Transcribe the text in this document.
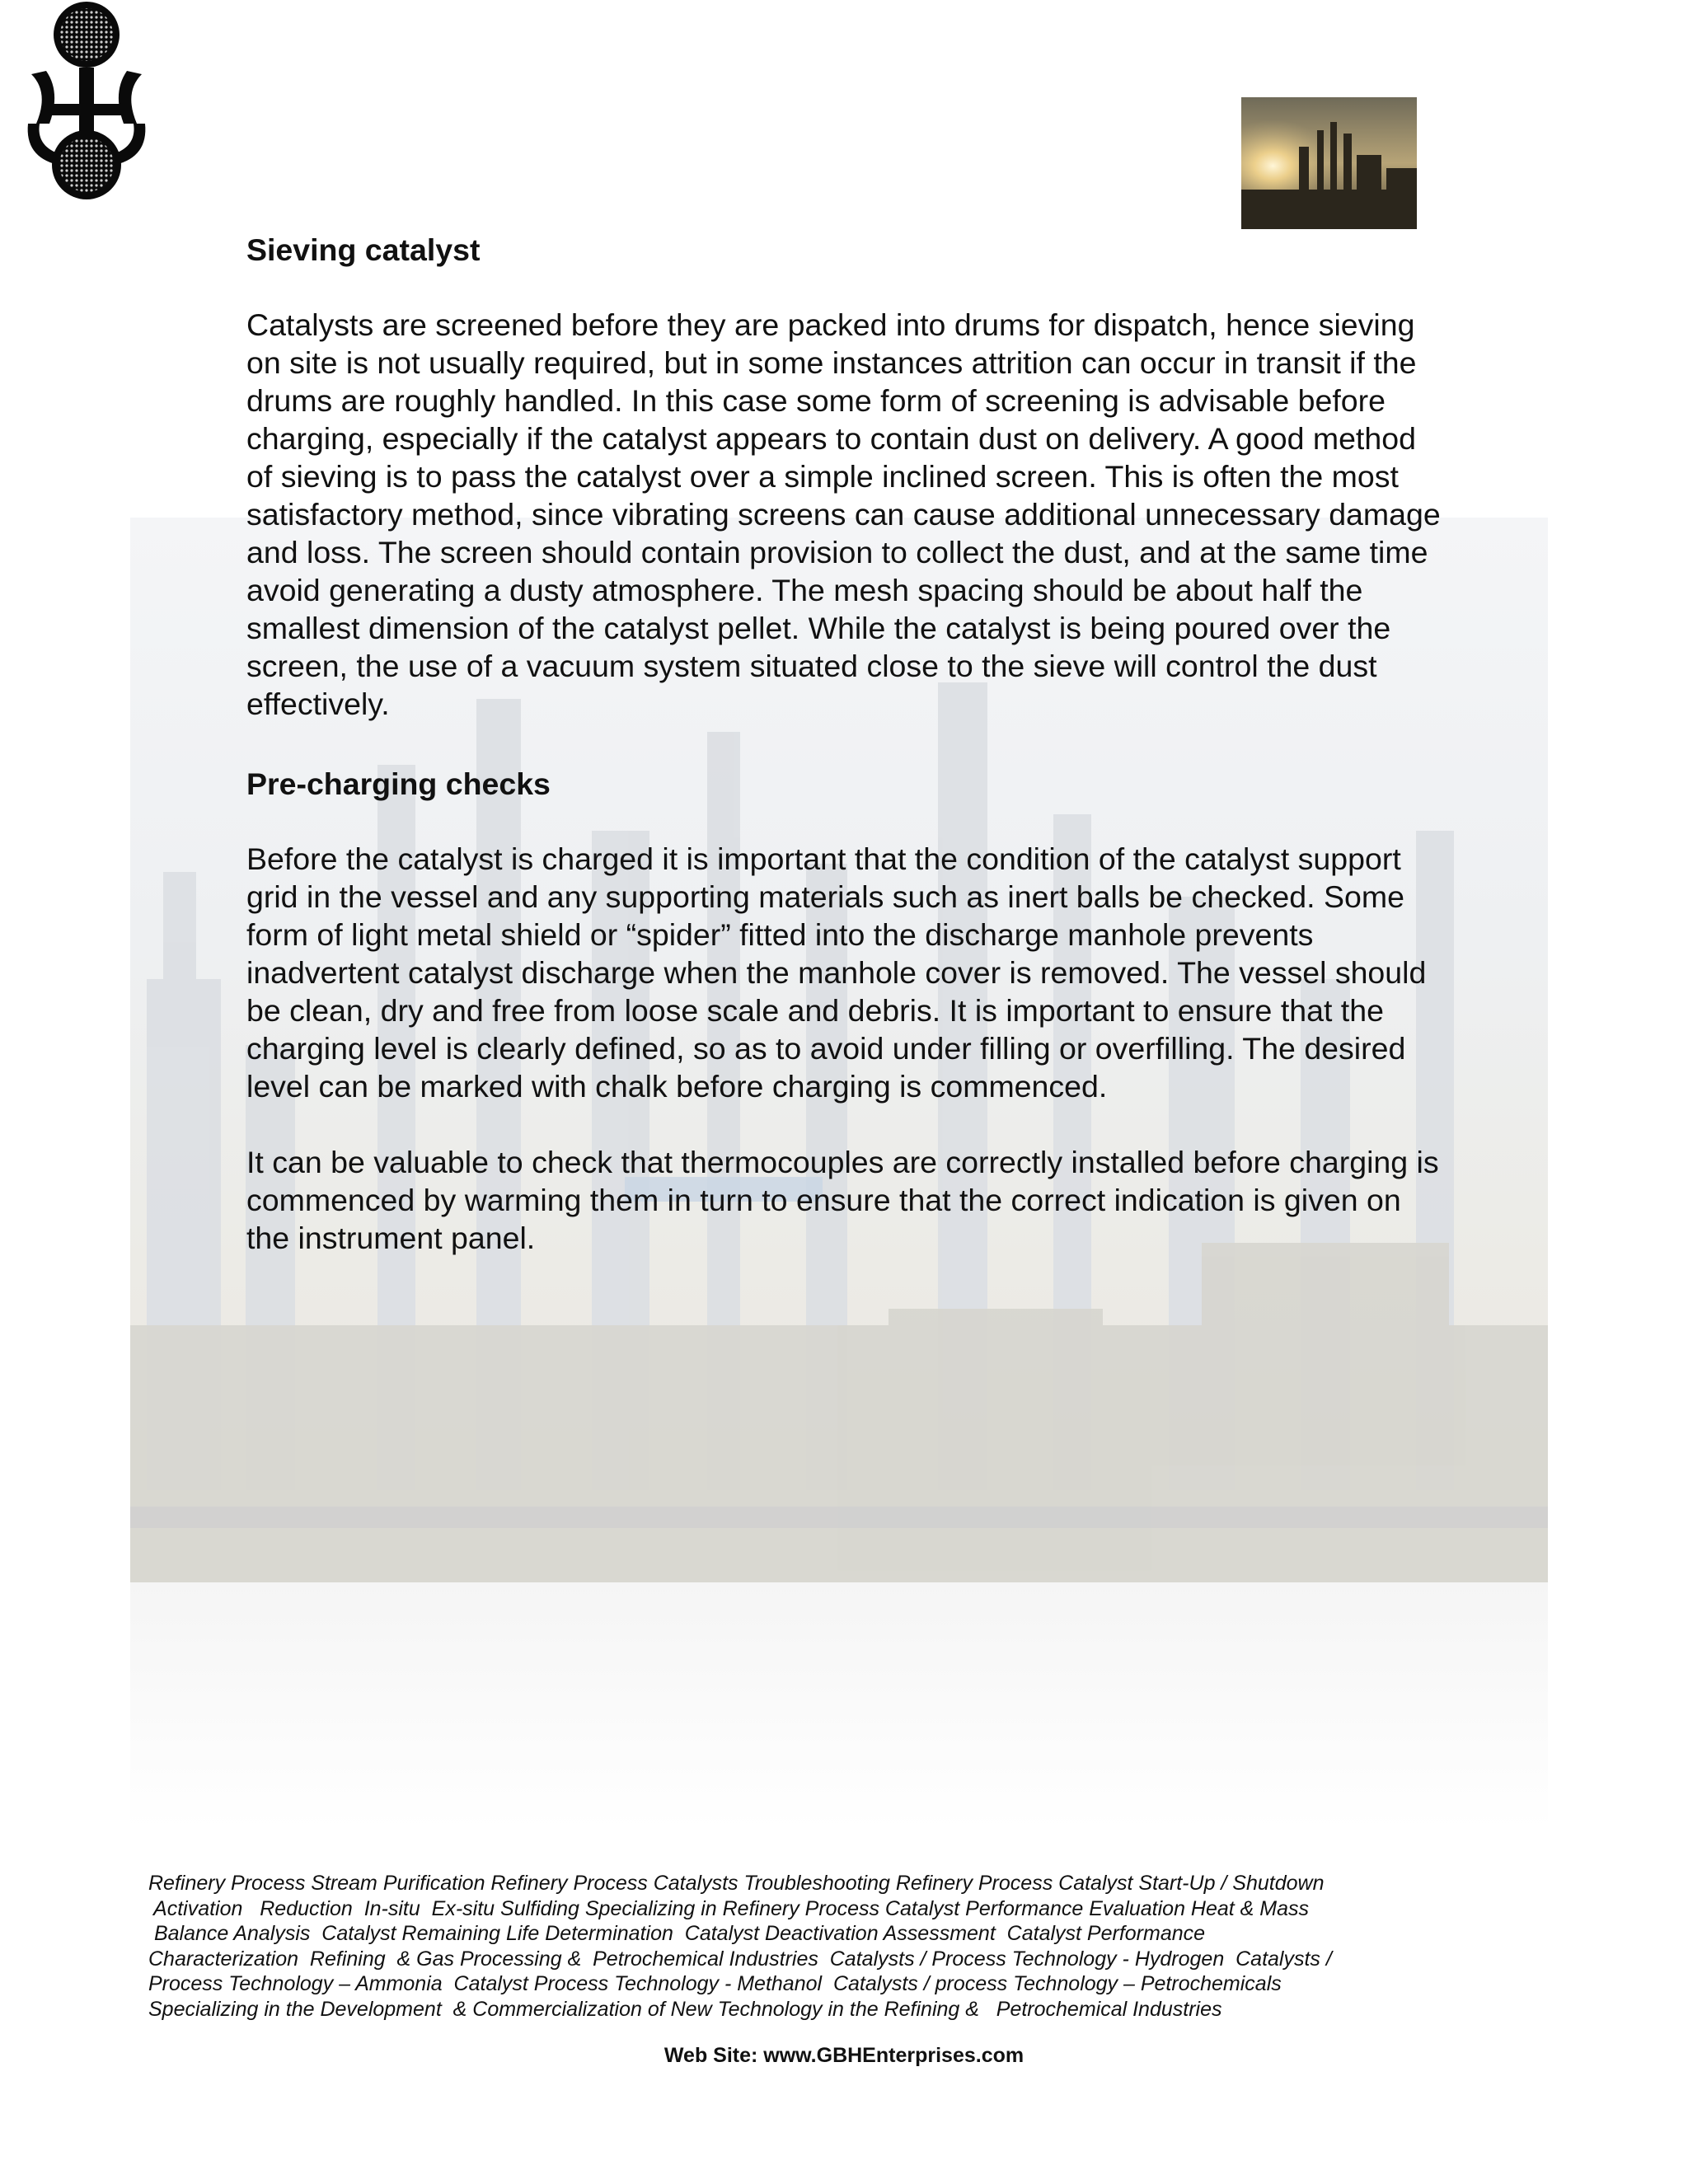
Sieving catalyst

Catalysts are screened before they are packed into drums for dispatch, hence sieving on site is not usually required, but in some instances attrition can occur in transit if the drums are roughly handled. In this case some form of screening is advisable before charging, especially if the catalyst appears to contain dust on delivery. A good method of sieving is to pass the catalyst over a simple inclined screen. This is often the most satisfactory method, since vibrating screens can cause additional unnecessary damage and loss. The screen should contain provision to collect the dust, and at the same time avoid generating a dusty atmosphere. The mesh spacing should be about half the smallest dimension of the catalyst pellet. While the catalyst is being poured over the screen, the use of a vacuum system situated close to the sieve will control the dust effectively.

Pre-charging checks

Before the catalyst is charged it is important that the condition of the catalyst support grid in the vessel and any supporting materials such as inert balls be checked. Some form of light metal shield or “spider” fitted into the discharge manhole prevents inadvertent catalyst discharge when the manhole cover is removed. The vessel should be clean, dry and free from loose scale and debris. It is important to ensure that the charging level is clearly defined, so as to avoid under filling or overfilling. The desired level can be marked with chalk before charging is commenced.

It can be valuable to check that thermocouples are correctly installed before charging is commenced by warming them in turn to ensure that the correct indication is given on the instrument panel.

Refinery Process Stream Purification Refinery Process Catalysts Troubleshooting Refinery Process Catalyst Start-Up / Shutdown
Activation   Reduction  In-situ  Ex-situ Sulfiding Specializing in Refinery Process Catalyst Performance Evaluation Heat & Mass
Balance Analysis  Catalyst Remaining Life Determination  Catalyst Deactivation Assessment  Catalyst Performance
Characterization  Refining  & Gas Processing &  Petrochemical Industries  Catalysts / Process Technology - Hydrogen  Catalysts /
Process Technology – Ammonia  Catalyst Process Technology - Methanol  Catalysts / process Technology – Petrochemicals
Specializing in the Development  & Commercialization of New Technology in the Refining &   Petrochemical Industries
Web Site: www.GBHEnterprises.com
